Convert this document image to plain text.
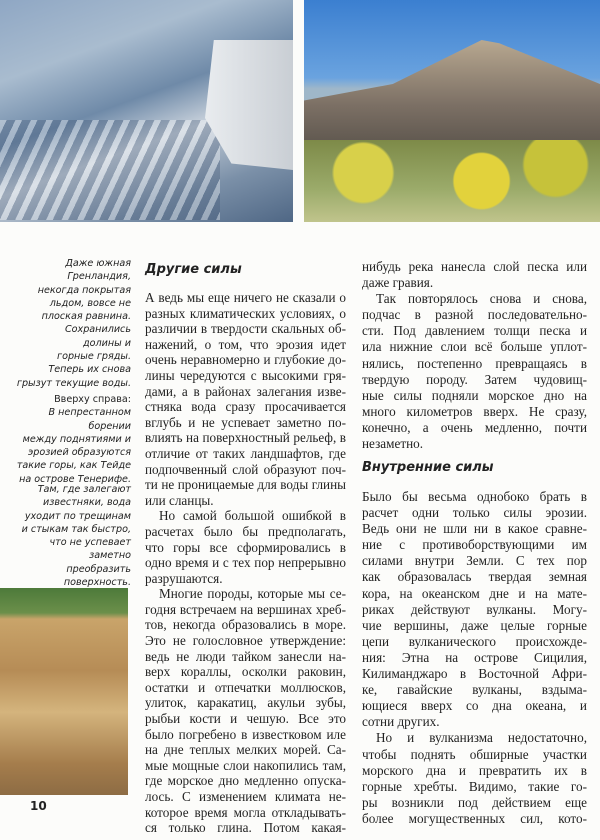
Даже южная
Гренландия,
некогда покрытая
льдом, вовсе не
плоская равнина.
Сохранились
долины и
горные гряды.
Теперь их снова
грызут текущие воды.
Вверху справа:
В непрестанном
борении
между поднятиями и
эрозией образуются
такие горы, как Тейде
на острове Тенерифе.
Там, где залегают
известняки, вода
уходит по трещинам
и стыкам так быстро,
что не успевает
заметно
преобразить
поверхность.
Другие силы
А ведь мы еще ничего не сказали о
разных климатических условиях, о
различии в твердости скальных об-
нажений, о том, что эрозия идет
очень неравномерно и глубокие до-
лины чередуются с высокими гря-
дами, а в районах залегания изве-
стняка вода сразу просачивается
вглубь и не успевает заметно по-
влиять на поверхностный рельеф, в
отличие от таких ландшафтов, где
подпочвенный слой образуют поч-
ти не проницаемые для воды глины
или сланцы.
Но самой большой ошибкой в
расчетах было бы предполагать,
что горы все сформировались в
одно время и с тех пор непрерывно
разрушаются.
Многие породы, которые мы се-
годня встречаем на вершинах хреб-
тов, некогда образовались в море.
Это не голословное утверждение:
ведь не люди тайком занесли на-
верх кораллы, осколки раковин,
остатки и отпечатки моллюсков,
улиток, каракатиц, акульи зубы,
рыбьи кости и чешую. Все это
было погребено в известковом иле
на дне теплых мелких морей. Са-
мые мощные слои накопились там,
где морское дно медленно опуска-
лось. С изменением климата не-
которое время могла откладывать-
ся только глина. Потом какая-
нибудь река нанесла слой песка или
даже гравия.
Так повторялось снова и снова,
подчас в разной последовательно-
сти. Под давлением толщи песка и
ила нижние слои всё больше уплот-
нялись, постепенно превращаясь в
твердую породу. Затем чудовищ-
ные силы подняли морское дно на
много километров вверх. Не сразу,
конечно, а очень медленно, почти
незаметно.
Внутренние силы
Было бы весьма однобоко брать в
расчет одни только силы эрозии.
Ведь они не шли ни в какое сравне-
ние с противоборствующими им
силами внутри Земли. С тех пор
как образовалась твердая земная
кора, на океанском дне и на мате-
риках действуют вулканы. Могу-
чие вершины, даже целые горные
цепи вулканического происхожде-
ния: Этна на острове Сицилия,
Килиманджаро в Восточной Афри-
ке, гавайские вулканы, вздыма-
ющиеся вверх со дна океана, и
сотни других.
Но и вулканизма недостаточно,
чтобы поднять обширные участки
морского дна и превратить их в
горные хребты. Видимо, такие го-
ры возникли под действием еще
более могущественных сил, кото-
10
